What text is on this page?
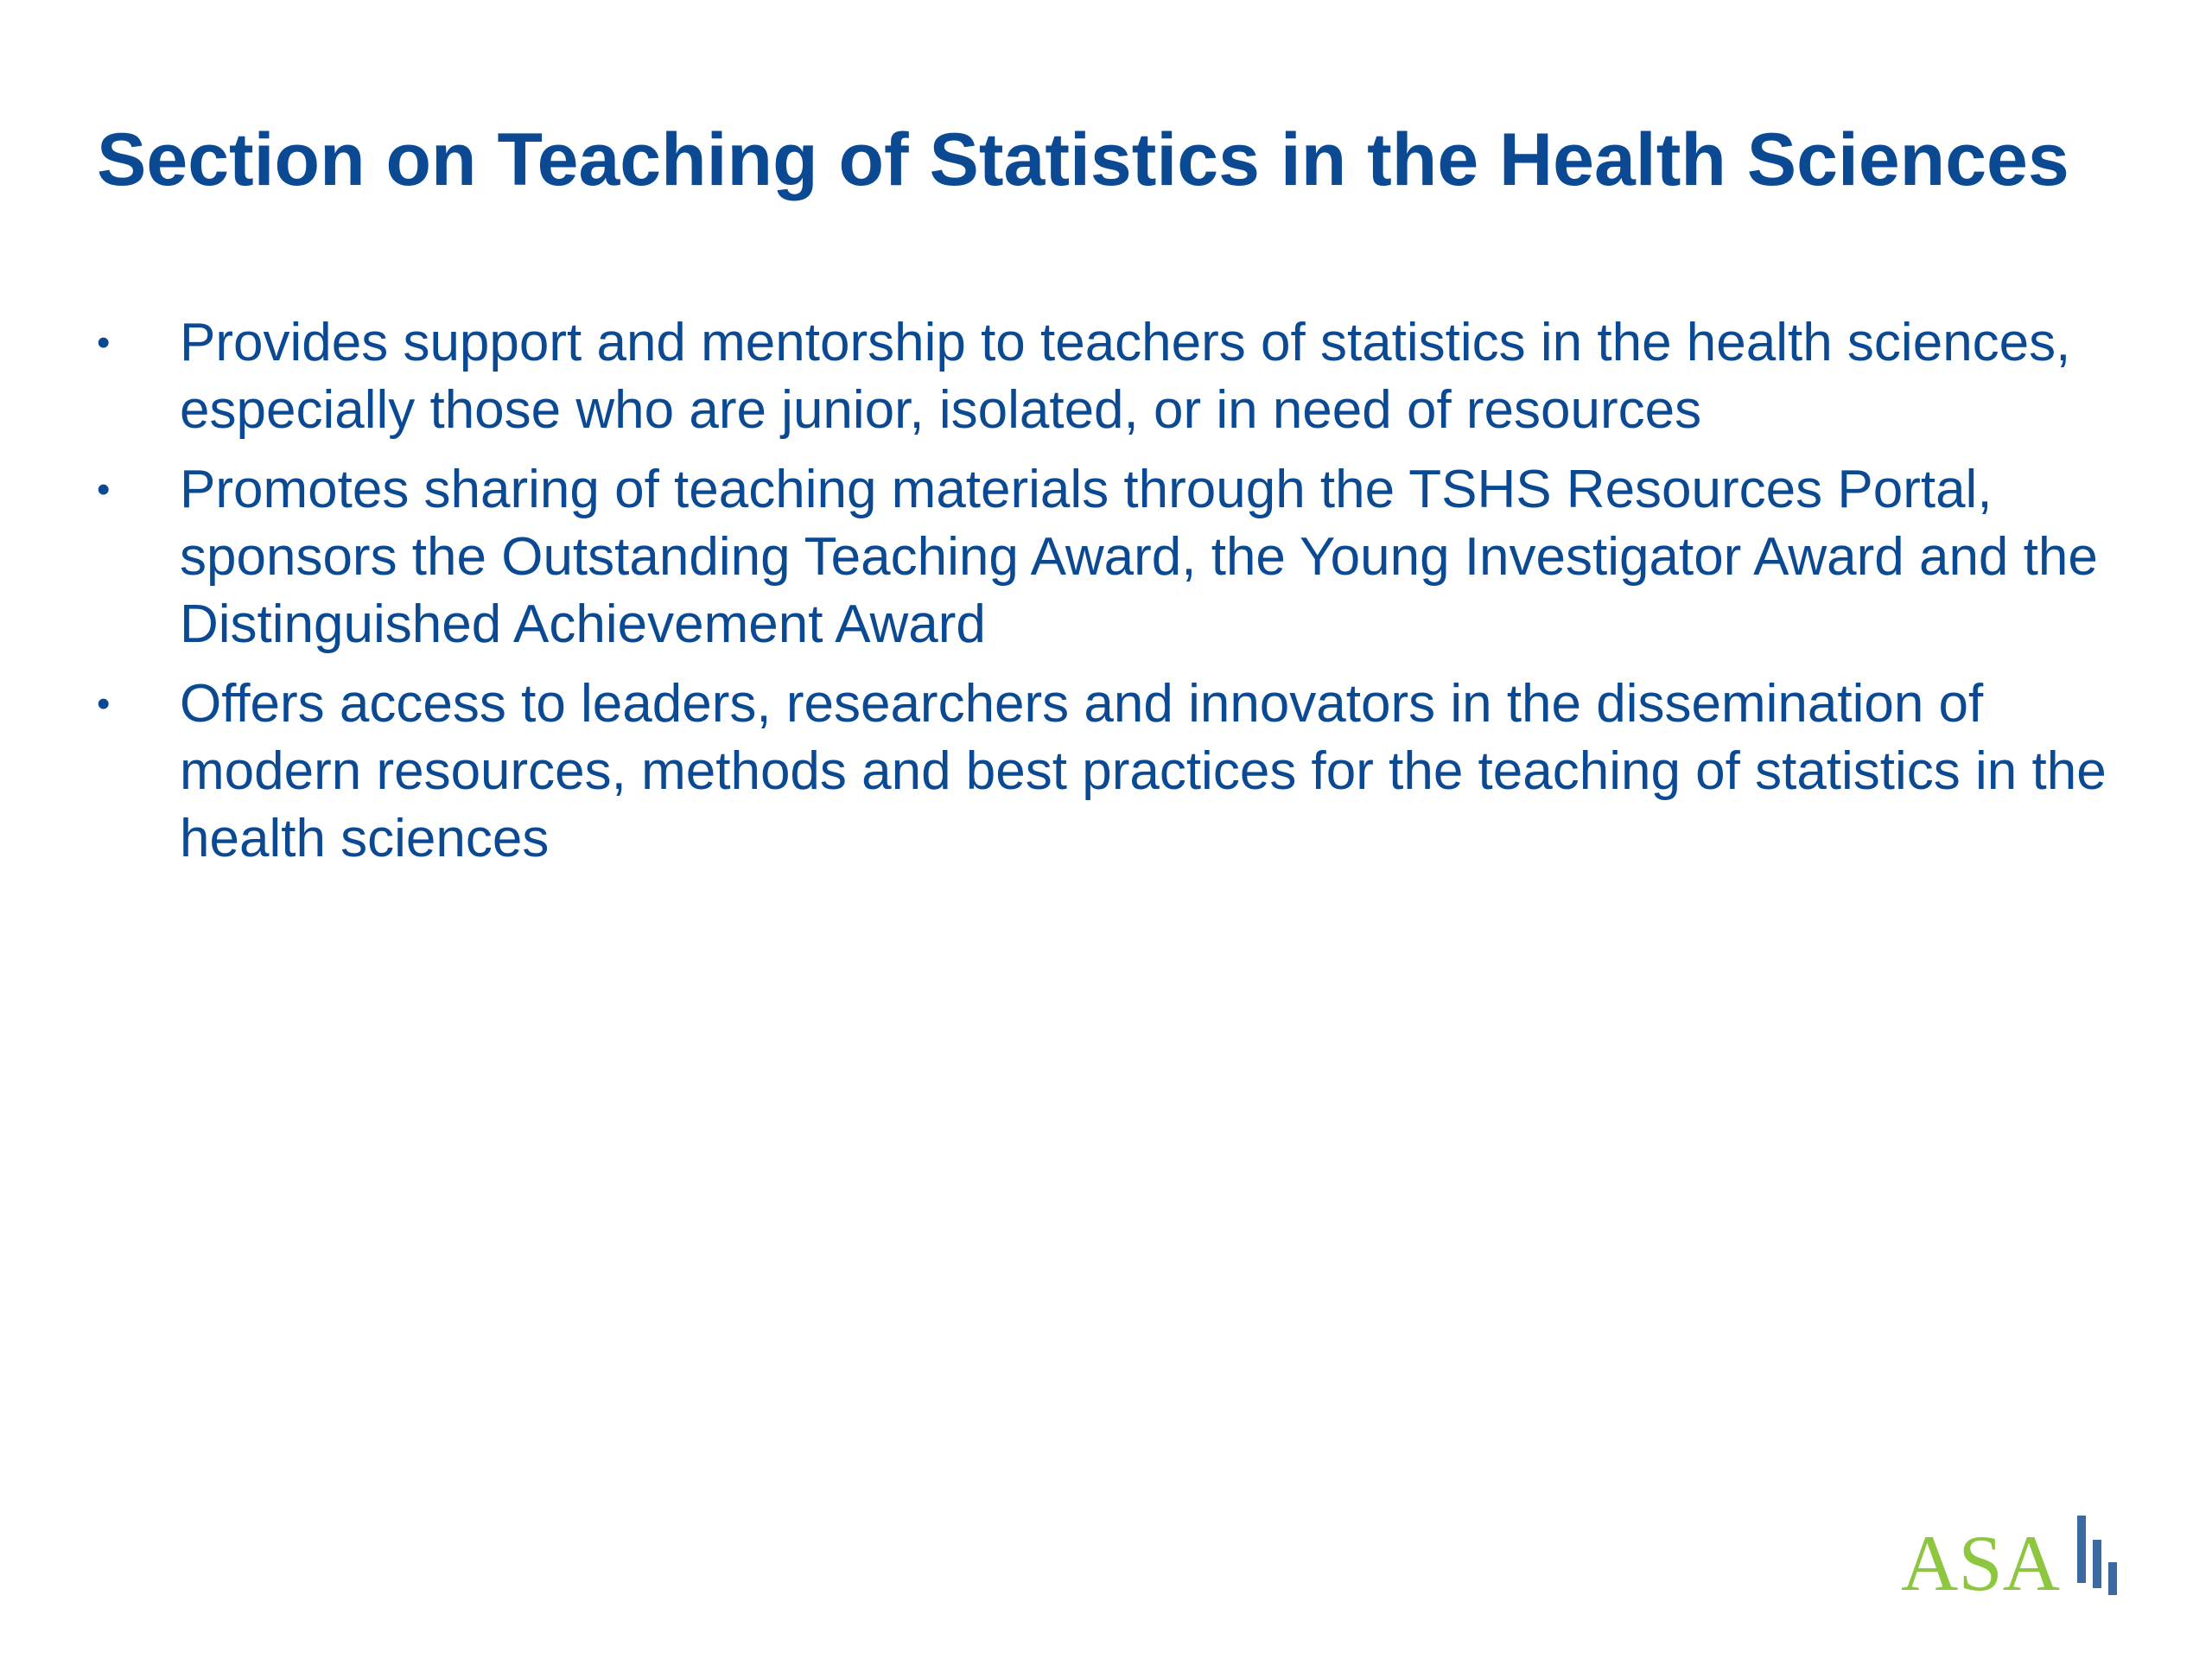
Section on Teaching of Statistics in the Health Sciences
•	Provides support and mentorship to teachers of statistics in the health sciences, especially those who are junior, isolated, or in need of resources
•	Promotes sharing of teaching materials through the TSHS Resources Portal, sponsors the Outstanding Teaching Award, the Young Investigator Award and the Distinguished Achievement Award
•	Offers access to leaders, researchers and innovators in the dissemination of modern resources, methods and best practices for the teaching of statistics in the health sciences
ASA
